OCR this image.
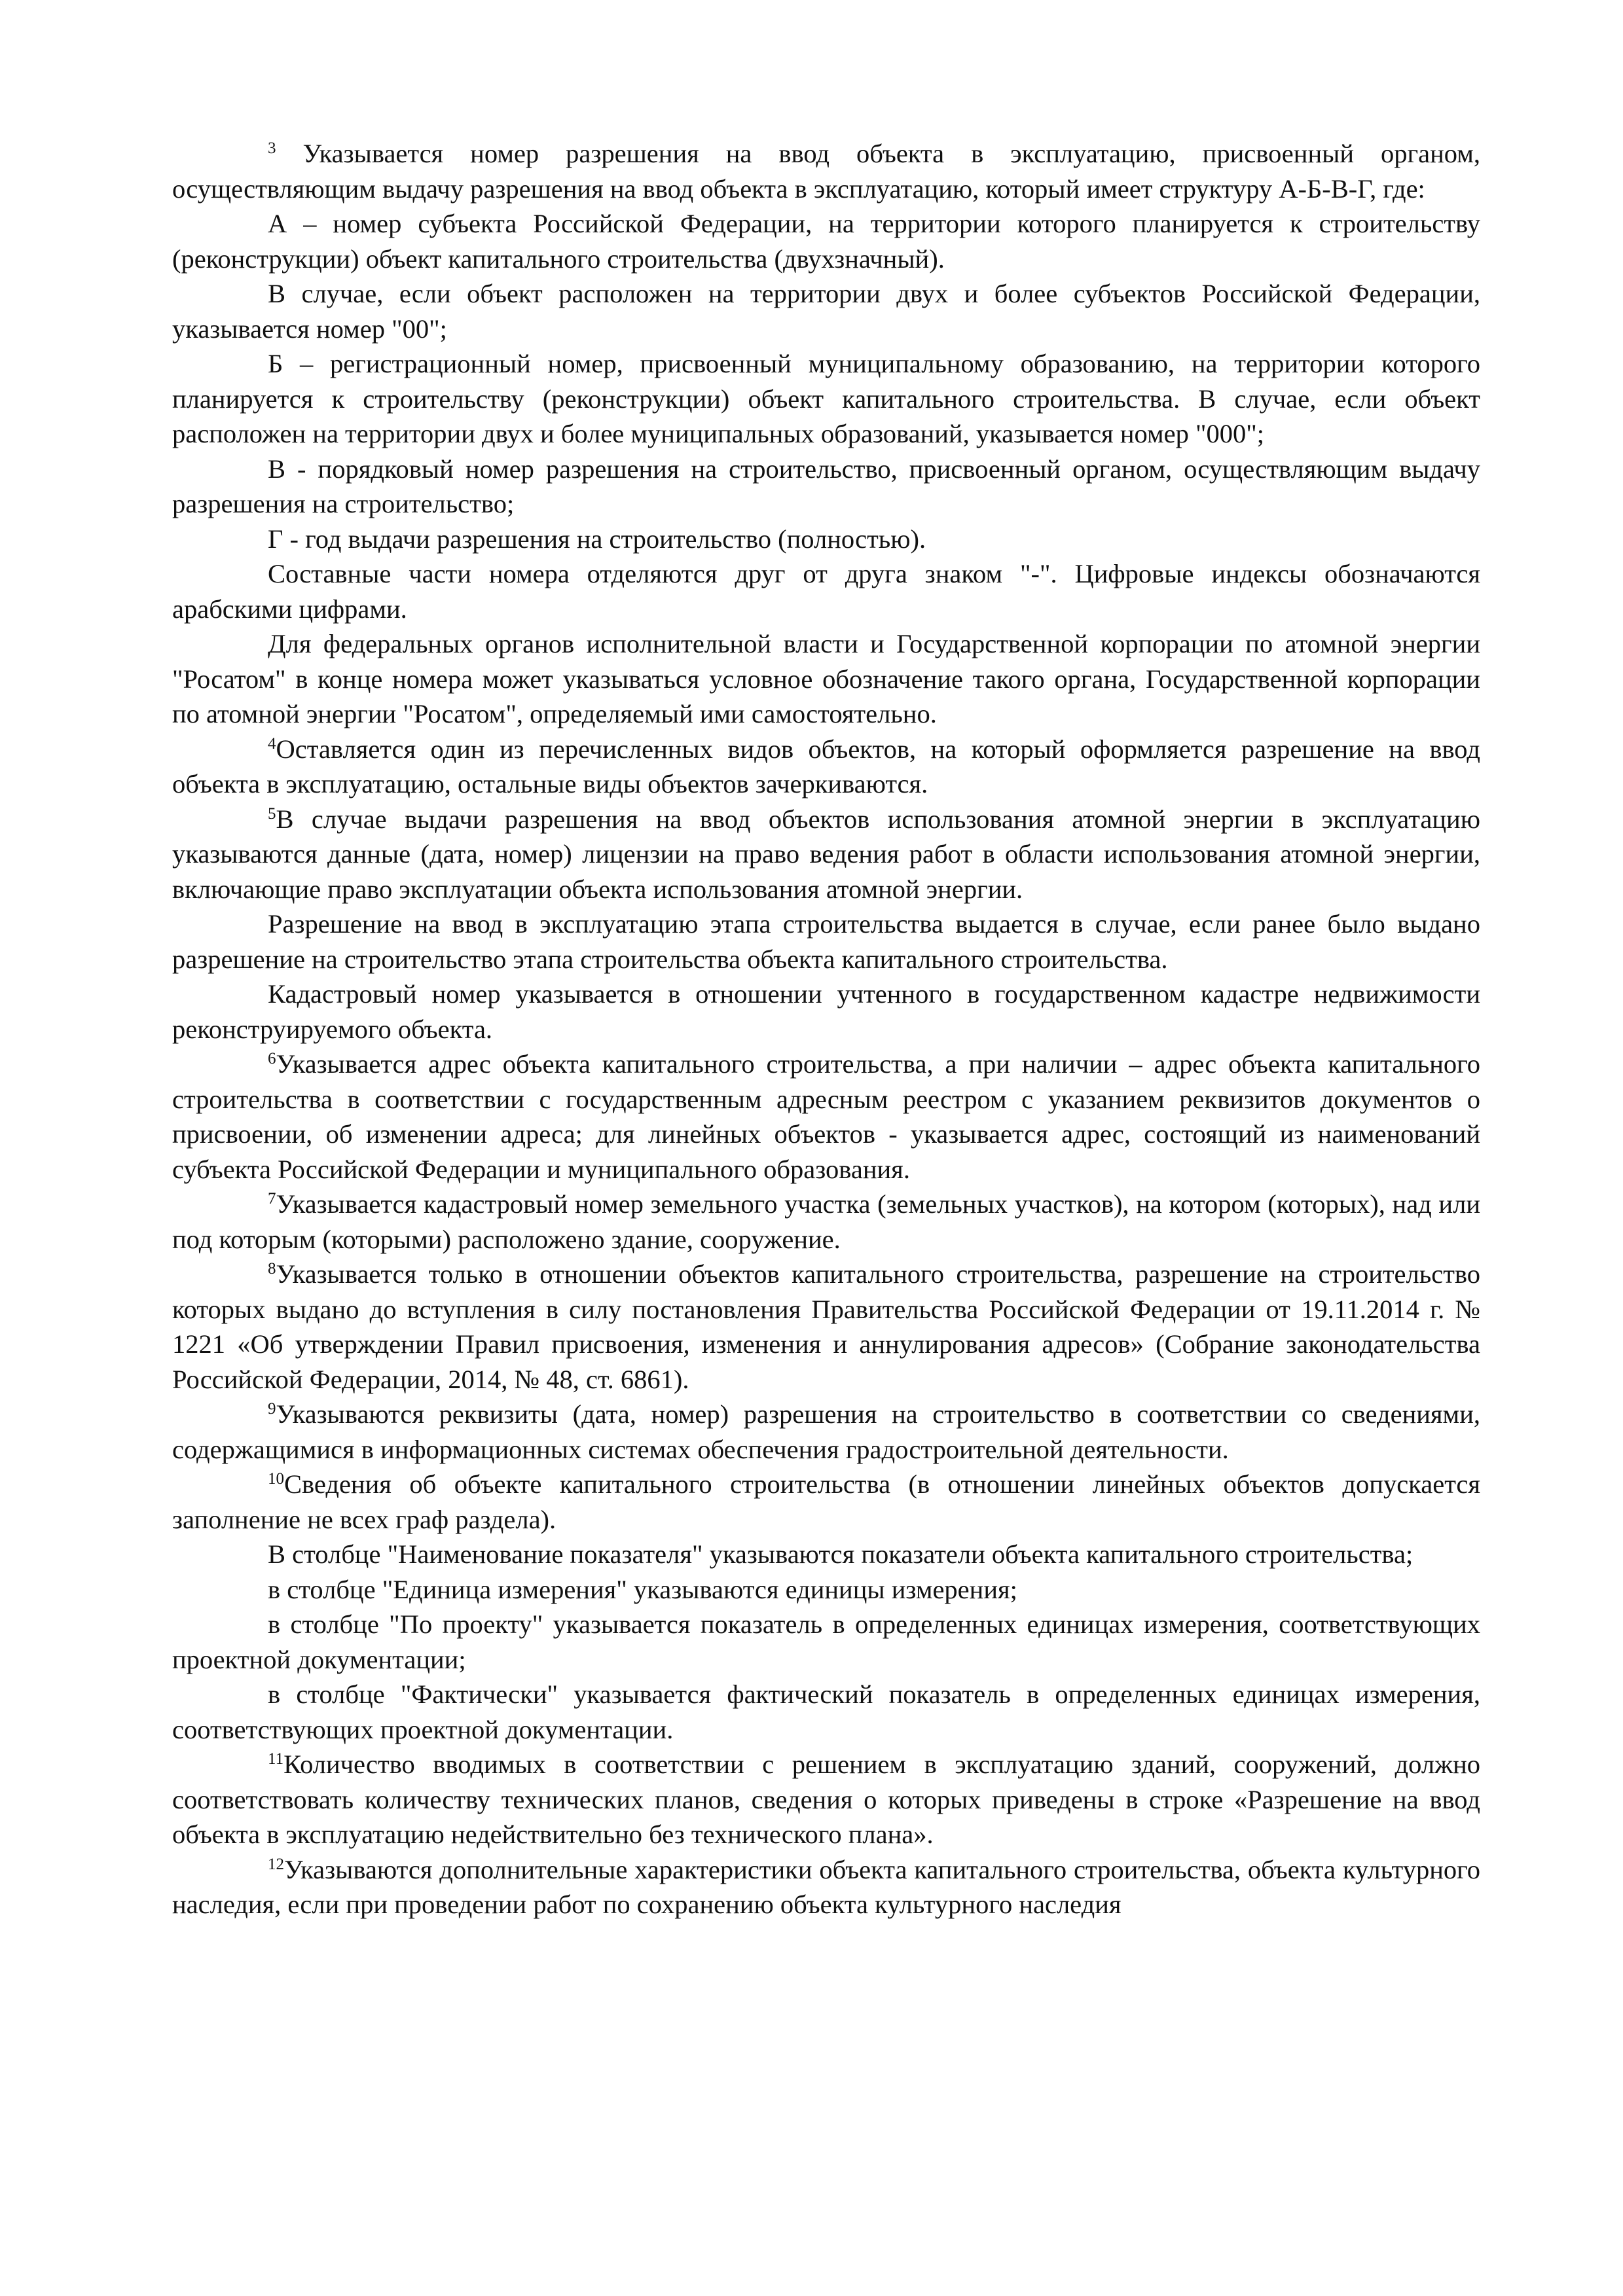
$^3$ Указывается номер разрешения на ввод объекта в эксплуатацию, присвоенный органом, осуществляющим выдачу разрешения на ввод объекта в эксплуатацию, который имеет структуру А-Б-В-Г, где:

А – номер субъекта Российской Федерации, на территории которого планируется к строительству (реконструкции) объект капитального строительства (двухзначный).

В случае, если объект расположен на территории двух и более субъектов Российской Федерации, указывается номер "00";

Б – регистрационный номер, присвоенный муниципальному образованию, на территории которого планируется к строительству (реконструкции) объект капитального строительства. В случае, если объект расположен на территории двух и более муниципальных образований, указывается номер "000";

В - порядковый номер разрешения на строительство, присвоенный органом, осуществляющим выдачу разрешения на строительство;

Г - год выдачи разрешения на строительство (полностью).

Составные части номера отделяются друг от друга знаком "-". Цифровые индексы обозначаются арабскими цифрами.

Для федеральных органов исполнительной власти и Государственной корпорации по атомной энергии "Росатом" в конце номера может указываться условное обозначение такого органа, Государственной корпорации по атомной энергии "Росатом", определяемый ими самостоятельно.

$^4$Оставляется один из перечисленных видов объектов, на который оформляется разрешение на ввод объекта в эксплуатацию, остальные виды объектов зачеркиваются.

$^5$В случае выдачи разрешения на ввод объектов использования атомной энергии в эксплуатацию указываются данные (дата, номер) лицензии на право ведения работ в области использования атомной энергии, включающие право эксплуатации объекта использования атомной энергии.

Разрешение на ввод в эксплуатацию этапа строительства выдается в случае, если ранее было выдано разрешение на строительство этапа строительства объекта капитального строительства.

Кадастровый номер указывается в отношении учтенного в государственном кадастре недвижимости реконструируемого объекта.

$^6$Указывается адрес объекта капитального строительства, а при наличии – адрес объекта капитального строительства в соответствии с государственным адресным реестром с указанием реквизитов документов о присвоении, об изменении адреса; для линейных объектов - указывается адрес, состоящий из наименований субъекта Российской Федерации и муниципального образования.

$^7$Указывается кадастровый номер земельного участка (земельных участков), на котором (которых), над или под которым (которыми) расположено здание, сооружение.

$^8$Указывается только в отношении объектов капитального строительства, разрешение на строительство которых выдано до вступления в силу постановления Правительства Российской Федерации от 19.11.2014 г. № 1221 «Об утверждении Правил присвоения, изменения и аннулирования адресов» (Собрание законодательства Российской Федерации, 2014, № 48, ст. 6861).

$^9$Указываются реквизиты (дата, номер) разрешения на строительство в соответствии со сведениями, содержащимися в информационных системах обеспечения градостроительной деятельности.

$^{10}$Сведения об объекте капитального строительства (в отношении линейных объектов допускается заполнение не всех граф раздела).

В столбце "Наименование показателя" указываются показатели объекта капитального строительства;

в столбце "Единица измерения" указываются единицы измерения;

в столбце "По проекту" указывается показатель в определенных единицах измерения, соответствующих проектной документации;

в столбце "Фактически" указывается фактический показатель в определенных единицах измерения, соответствующих проектной документации.

$^{11}$Количество вводимых в соответствии с решением в эксплуатацию зданий, сооружений, должно соответствовать количеству технических планов, сведения о которых приведены в строке «Разрешение на ввод объекта в эксплуатацию недействительно без технического плана».

$^{12}$Указываются дополнительные характеристики объекта капитального строительства, объекта культурного наследия, если при проведении работ по сохранению объекта культурного наследия
